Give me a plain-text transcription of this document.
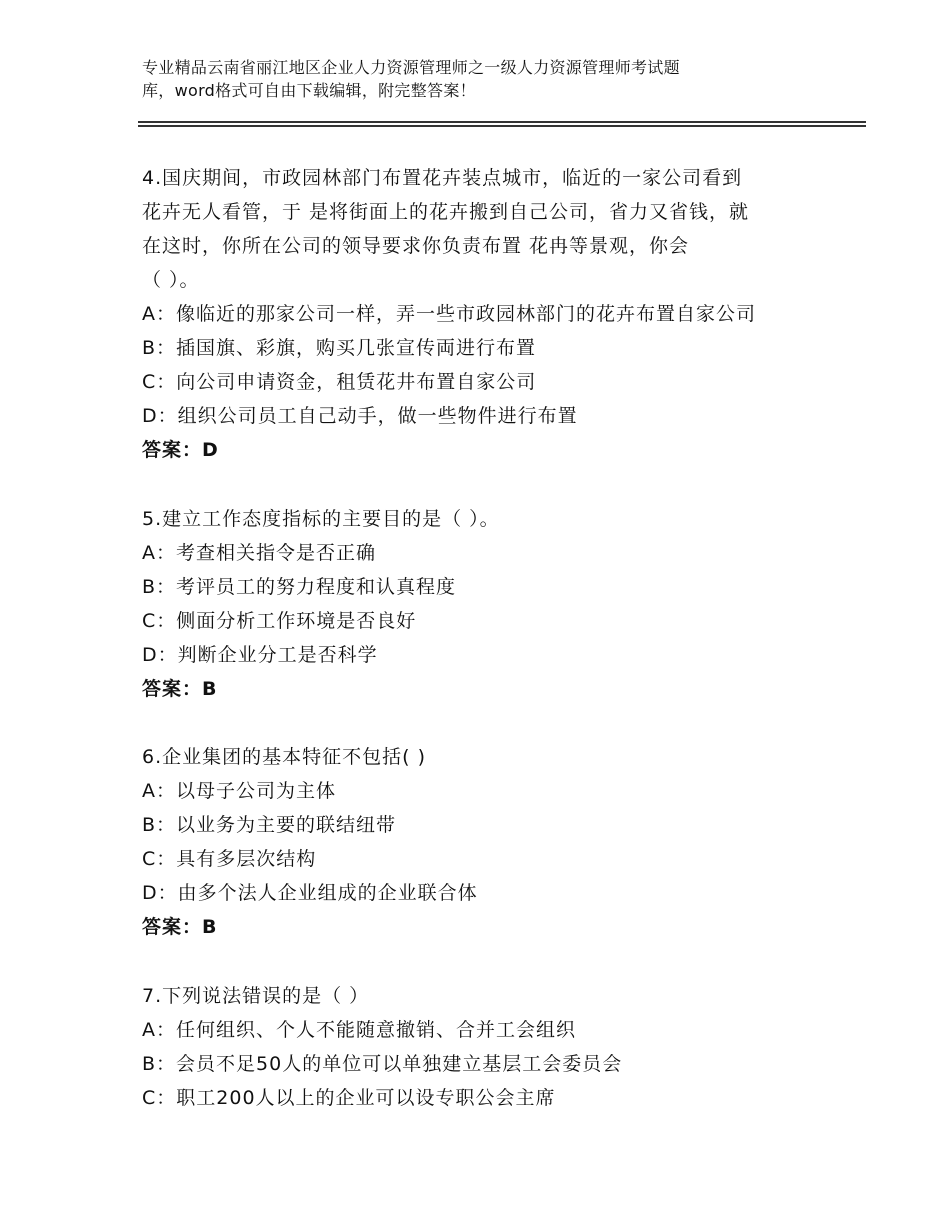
专业精品云南省丽江地区企业人力资源管理师之一级人力资源管理师考试题
库，word格式可自由下载编辑，附完整答案！
4.国庆期间，市政园林部门布置花卉装点城市，临近的一家公司看到
花卉无人看管，于 是将街面上的花卉搬到自己公司，省力又省钱，就
在这时，你所在公司的领导要求你负责布置 花冉等景观，你会
（ ）。
A：像临近的那家公司一样，弄一些市政园林部门的花卉布置自家公司
B：插国旗、彩旗，购买几张宣传両进行布置
C：向公司申请资金，租赁花井布置自家公司
D：组织公司员工自己动手，做一些物件进行布置
答案：D
5.建立工作态度指标的主要目的是（ ）。
A：考查相关指令是否正确
B：考评员工的努力程度和认真程度
C：侧面分析工作环境是否良好
D：判断企业分工是否科学
答案：B
6.企业集团的基本特征不包括( )
A：以母子公司为主体
B：以业务为主要的联结纽带
C：具有多层次结构
D：由多个法人企业组成的企业联合体
答案：B
7.下列说法错误的是（ ）
A：任何组织、个人不能随意撤销、合并工会组织
B：会员不足50人的单位可以单独建立基层工会委员会
C：职工200人以上的企业可以设专职公会主席
